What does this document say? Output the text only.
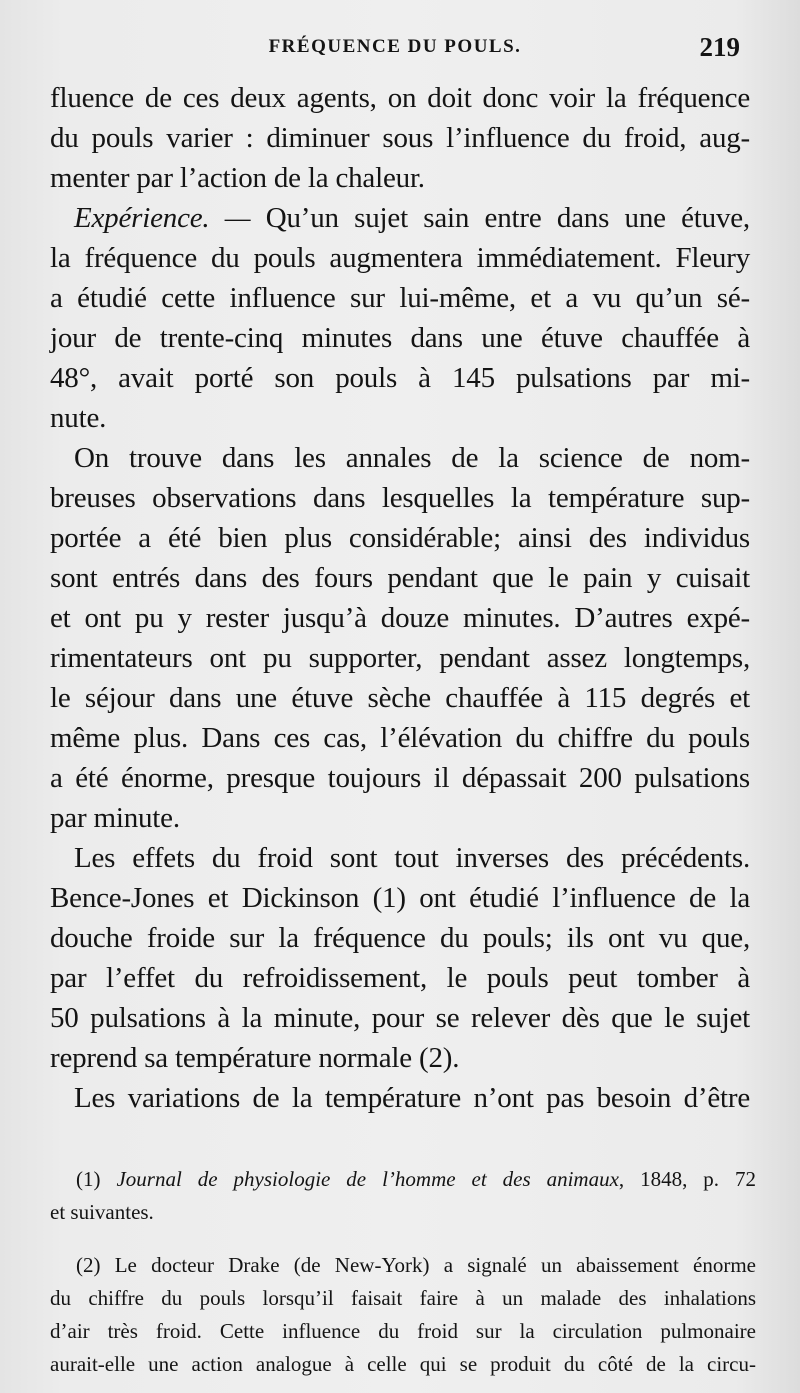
FRÉQUENCE DU POULS.	219
fluence de ces deux agents, on doit donc voir la fréquence
du pouls varier : diminuer sous l’influence du froid, aug-
menter par l’action de la chaleur.
Expérience. — Qu’un sujet sain entre dans une étuve,
la fréquence du pouls augmentera immédiatement. Fleury
a étudié cette influence sur lui-même, et a vu qu’un sé-
jour de trente-cinq minutes dans une étuve chauffée à
48°, avait porté son pouls à 145 pulsations par mi-
nute.
On trouve dans les annales de la science de nom-
breuses observations dans lesquelles la température sup-
portée a été bien plus considérable; ainsi des individus
sont entrés dans des fours pendant que le pain y cuisait
et ont pu y rester jusqu’à douze minutes. D’autres expé-
rimentateurs ont pu supporter, pendant assez longtemps,
le séjour dans une étuve sèche chauffée à 115 degrés et
même plus. Dans ces cas, l’élévation du chiffre du pouls
a été énorme, presque toujours il dépassait 200 pulsations
par minute.
Les effets du froid sont tout inverses des précédents.
Bence-Jones et Dickinson (1) ont étudié l’influence de la
douche froide sur la fréquence du pouls; ils ont vu que,
par l’effet du refroidissement, le pouls peut tomber à
50 pulsations à la minute, pour se relever dès que le sujet
reprend sa température normale (2).
Les variations de la température n’ont pas besoin d’être
(1) Journal de physiologie de l’homme et des animaux, 1848, p. 72
et suivantes.
(2) Le docteur Drake (de New-York) a signalé un abaissement énorme
du chiffre du pouls lorsqu’il faisait faire à un malade des inhalations
d’air très froid. Cette influence du froid sur la circulation pulmonaire
aurait-elle une action analogue à celle qui se produit du côté de la circu-
